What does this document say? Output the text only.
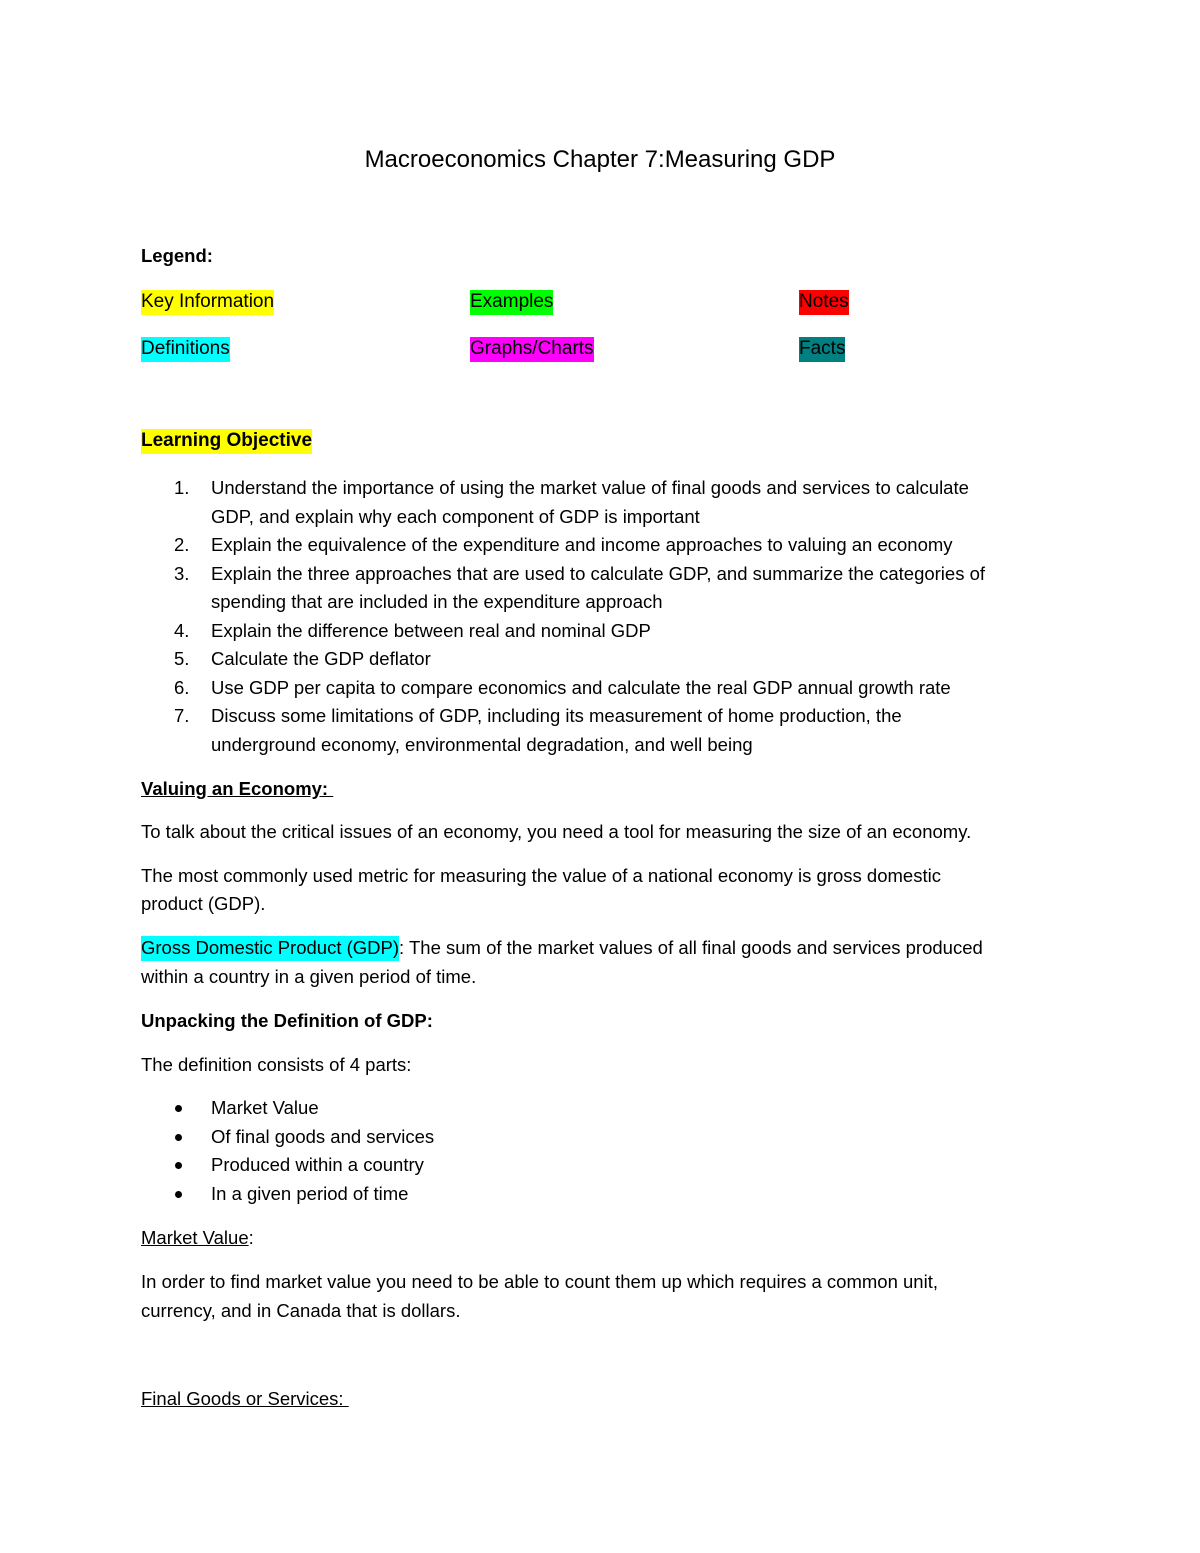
Macroeconomics Chapter 7:Measuring GDP

Legend:

Key Information	Examples	Notes
Definitions	Graphs/Charts	Facts

Learning Objective

1. Understand the importance of using the market value of final goods and services to calculate
GDP, and explain why each component of GDP is important
2. Explain the equivalence of the expenditure and income approaches to valuing an economy
3. Explain the three approaches that are used to calculate GDP, and summarize the categories of
spending that are included in the expenditure approach
4. Explain the difference between real and nominal GDP
5. Calculate the GDP deflator
6. Use GDP per capita to compare economics and calculate the real GDP annual growth rate
7. Discuss some limitations of GDP, including its measurement of home production, the
underground economy, environmental degradation, and well being

Valuing an Economy:

To talk about the critical issues of an economy, you need a tool for measuring the size of an economy.

The most commonly used metric for measuring the value of a national economy is gross domestic

product (GDP).

Gross Domestic Product (GDP): The sum of the market values of all final goods and services produced

within a country in a given period of time.

Unpacking the Definition of GDP:

The definition consists of 4 parts:

Market Value
Of final goods and services
Produced within a country
In a given period of time

Market Value:

In order to find market value you need to be able to count them up which requires a common unit,

currency, and in Canada that is dollars.

Final Goods or Services:
